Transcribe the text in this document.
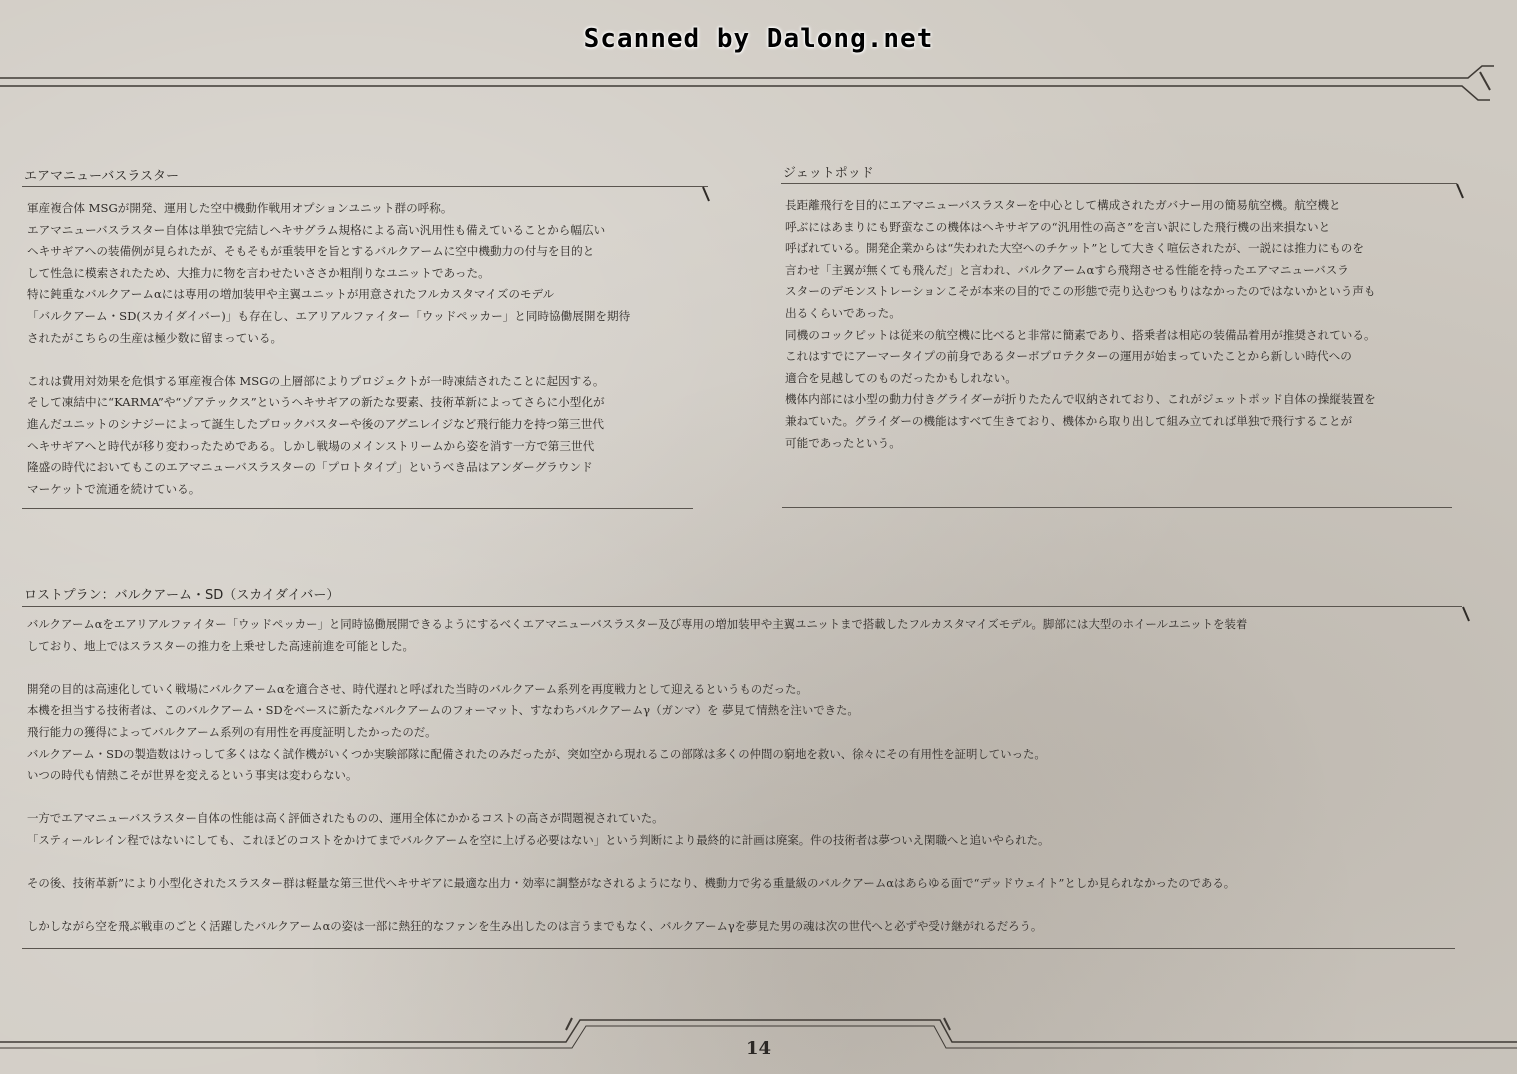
Scanned by Dalong.net
エアマニューバスラスター

軍産複合体 MSGが開発、運用した空中機動作戦用オプションユニット群の呼称。

エアマニューバスラスター自体は単独で完結しヘキサグラム規格による高い汎用性も備えていることから幅広い

ヘキサギアへの装備例が見られたが、そもそもが重装甲を旨とするバルクアームに空中機動力の付与を目的と

して性急に模索されたため、大推力に物を言わせたいささか粗削りなユニットであった。

特に鈍重なバルクアームαには専用の増加装甲や主翼ユニットが用意されたフルカスタマイズのモデル

「バルクアーム・SD(スカイダイバー)」も存在し、エアリアルファイター「ウッドペッカー」と同時協働展開を期待

されたがこちらの生産は極少数に留まっている。

これは費用対効果を危惧する軍産複合体 MSGの上層部によりプロジェクトが一時凍結されたことに起因する。

そして凍結中に“KARMA”や“ゾアテックス”というヘキサギアの新たな要素、技術革新によってさらに小型化が

進んだユニットのシナジーによって誕生したブロックバスターや後のアグニレイジなど飛行能力を持つ第三世代

ヘキサギアへと時代が移り変わったためである。しかし戦場のメインストリームから姿を消す一方で第三世代

隆盛の時代においてもこのエアマニューバスラスターの「プロトタイプ」というべき品はアンダーグラウンド

マーケットで流通を続けている。

ジェットポッド

長距離飛行を目的にエアマニューバスラスターを中心として構成されたガバナー用の簡易航空機。航空機と

呼ぶにはあまりにも野蛮なこの機体はヘキサギアの“汎用性の高さ”を言い訳にした飛行機の出来損ないと

呼ばれている。開発企業からは“失われた大空へのチケット”として大きく喧伝されたが、一説には推力にものを

言わせ「主翼が無くても飛んだ」と言われ、バルクアームαすら飛翔させる性能を持ったエアマニューバスラ

スターのデモンストレーションこそが本来の目的でこの形態で売り込むつもりはなかったのではないかという声も

出るくらいであった。

同機のコックピットは従来の航空機に比べると非常に簡素であり、搭乗者は相応の装備品着用が推奨されている。

これはすでにアーマータイプの前身であるターボプロテクターの運用が始まっていたことから新しい時代への

適合を見越してのものだったかもしれない。

機体内部には小型の動力付きグライダーが折りたたんで収納されており、これがジェットポッド自体の操縦装置を

兼ねていた。グライダーの機能はすべて生きており、機体から取り出して組み立てれば単独で飛行することが

可能であったという。

ロストプラン：バルクアーム・SD（スカイダイバー）

バルクアームαをエアリアルファイター「ウッドペッカー」と同時協働展開できるようにするべくエアマニューバスラスター及び専用の増加装甲や主翼ユニットまで搭載したフルカスタマイズモデル。脚部には大型のホイールユニットを装着

しており、地上ではスラスターの推力を上乗せした高速前進を可能とした。

開発の目的は高速化していく戦場にバルクアームαを適合させ、時代遅れと呼ばれた当時のバルクアーム系列を再度戦力として迎えるというものだった。

本機を担当する技術者は、このバルクアーム・SDをベースに新たなバルクアームのフォーマット、すなわちバルクアームγ（ガンマ）を 夢見て情熱を注いできた。

飛行能力の獲得によってバルクアーム系列の有用性を再度証明したかったのだ。

バルクアーム・SDの製造数はけっして多くはなく試作機がいくつか実験部隊に配備されたのみだったが、突如空から現れるこの部隊は多くの仲間の窮地を救い、徐々にその有用性を証明していった。

いつの時代も情熱こそが世界を変えるという事実は変わらない。

一方でエアマニューバスラスター自体の性能は高く評価されたものの、運用全体にかかるコストの高さが問題視されていた。

「スティールレイン程ではないにしても、これほどのコストをかけてまでバルクアームを空に上げる必要はない」という判断により最終的に計画は廃案。件の技術者は夢ついえ閑職へと追いやられた。

その後、技術革新”により小型化されたスラスター群は軽量な第三世代ヘキサギアに最適な出力・効率に調整がなされるようになり、機動力で劣る重量級のバルクアームαはあらゆる面で“デッドウェイト”としか見られなかったのである。

しかしながら空を飛ぶ戦車のごとく活躍したバルクアームαの姿は一部に熱狂的なファンを生み出したのは言うまでもなく、バルクアームγを夢見た男の魂は次の世代へと必ずや受け継がれるだろう。

14
